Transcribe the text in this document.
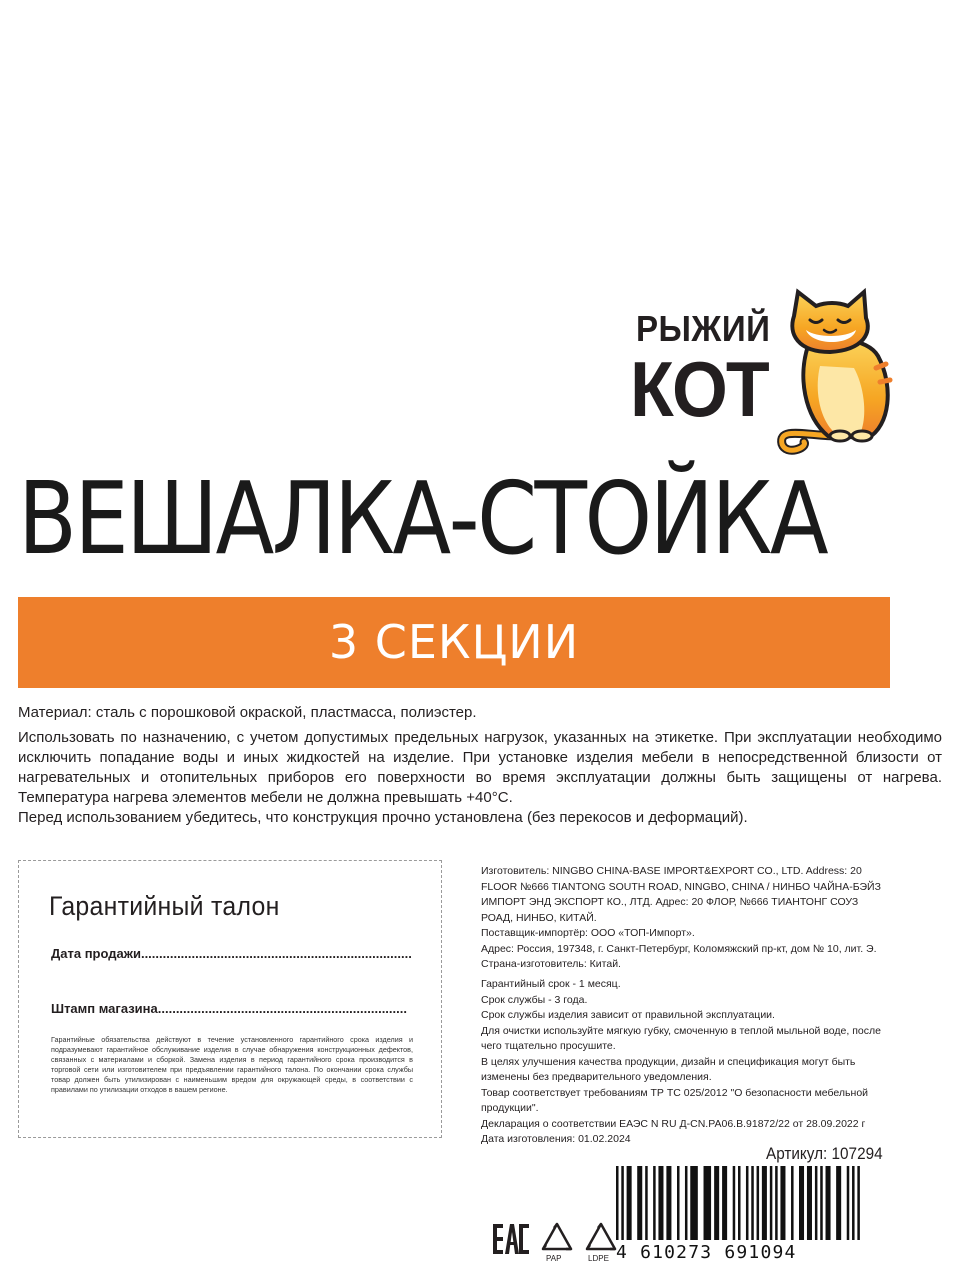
РЫЖИЙ
КОТ
ВЕШАЛКА-СТОЙКА
3 СЕКЦИИ
Материал: сталь с порошковой окраской, пластмасса, полиэстер.
Использовать по назначению, с учетом допустимых предельных нагрузок, указанных на этикетке. При эксплуатации необходимо исключить попадание воды и иных жидкостей на изделие. При установке изделия мебели в непосредственной близости от нагревательных и отопительных приборов его поверхности во время эксплуатации должны быть защищены от нагрева. Температура нагрева элементов мебели не должна превышать +40°С.
Перед использованием убедитесь, что конструкция прочно установлена (без перекосов и деформаций).
Гарантийный талон
Дата продажи...........................................................................
Штамп магазина.....................................................................
Гарантийные обязательства действуют в течение установленного гарантийного срока изделия и подразумевают гарантийное обслуживание изделия в случае обнаружения конструкционных дефектов, связанных с материалами и сборкой. Замена изделия в период гарантийного срока производится в торговой сети или изготовителем при предъявлении гарантийного талона. По окончании срока службы товар должен быть утилизирован с наименьшим вредом для окружающей среды, в соответствии с правилами по утилизации отходов в вашем регионе.

Изготовитель: NINGBO CHINA-BASE IMPORT&EXPORT CO., LTD. Address: 20 FLOOR №666 TIANTONG SOUTH ROAD, NINGBO, CHINA / НИНБО ЧАЙНА-БЭЙЗ ИМПОРТ ЭНД ЭКСПОРТ КО., ЛТД. Адрес: 20 ФЛОР, №666 ТИАНТОНГ СОУЗ РОАД, НИНБО, КИТАЙ.

Поставщик-импортёр: ООО «ТОП-Импорт».

Адрес: Россия, 197348, г. Санкт-Петербург, Коломяжский пр-кт, дом № 10, лит. Э.

Страна-изготовитель: Китай.

Гарантийный срок - 1 месяц.

Срок службы - 3 года.

Срок службы изделия зависит от правильной эксплуатации.

Для очистки используйте мягкую губку, смоченную в теплой мыльной воде, после чего тщательно просушите.

В целях улучшения качества продукции, дизайн и спецификация могут быть изменены без предварительного уведомления.

Товар соответствует требованиям ТР ТС 025/2012 "О безопасности мебельной продукции".

Декларация о соответствии ЕАЭС N RU Д-CN.РА06.В.91872/22 от 28.09.2022 г

Дата изготовления: 01.02.2024

Артикул: 107294
4 610273 691094
PAP	LDPE
